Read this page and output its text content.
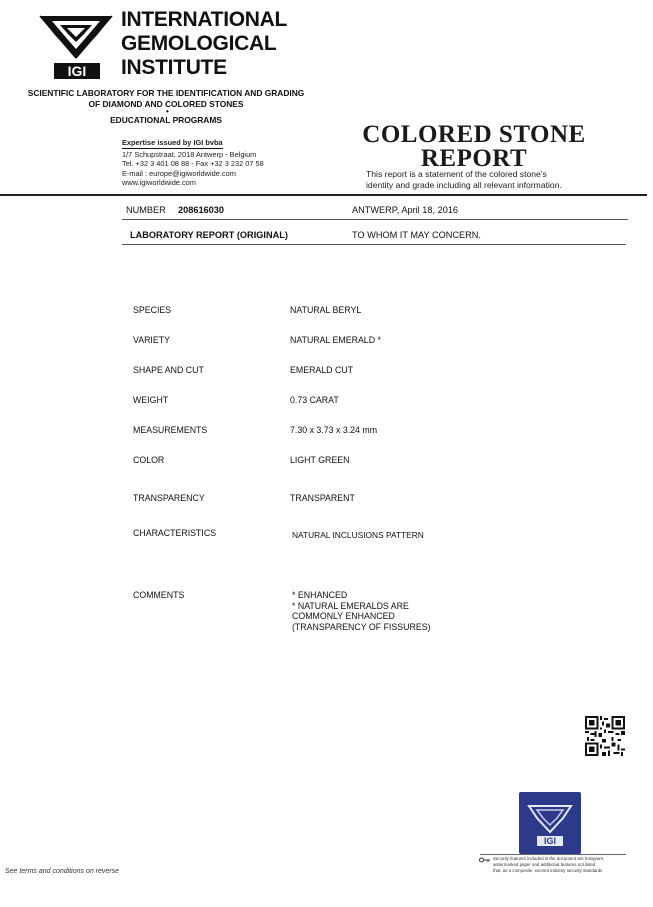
IGI
INTERNATIONAL
GEMOLOGICAL
INSTITUTE
SCIENTIFIC LABORATORY FOR THE IDENTIFICATION AND GRADING
OF DIAMOND AND COLORED STONES
•
EDUCATIONAL PROGRAMS
Expertise issued by IGI bvba
1/7 Schupstraat, 2018 Antwerp - Belgium
Tel. +32 3 401 08 88 - Fax +32 3 232 07 58
E-mail : europe@igiworldwide.com
www.igiworldwide.com
COLORED STONE
REPORT
This report is a statement of the colored stone's
identity and grade including all relevant information.
NUMBER 208616030	ANTWERP, April 18, 2016
LABORATORY REPORT (ORIGINAL)	TO WHOM IT MAY CONCERN.
SPECIES	NATURAL BERYL
VARIETY	NATURAL EMERALD *
SHAPE AND CUT	EMERALD CUT
WEIGHT	0.73 CARAT
MEASUREMENTS	7.30 x 3.73 x 3.24 mm
COLOR	LIGHT GREEN
TRANSPARENCY	TRANSPARENT
CHARACTERISTICS	NATURAL INCLUSIONS PATTERN
COMMENTS	* ENHANCED
* NATURAL EMERALDS ARE
COMMONLY ENHANCED
(TRANSPARENCY OF FISSURES)
IGI
Security features included in the document are hologram,
watermarked paper and additional features not listed
that, as a composite, exceed industry security standards
See terms and conditions on reverse
